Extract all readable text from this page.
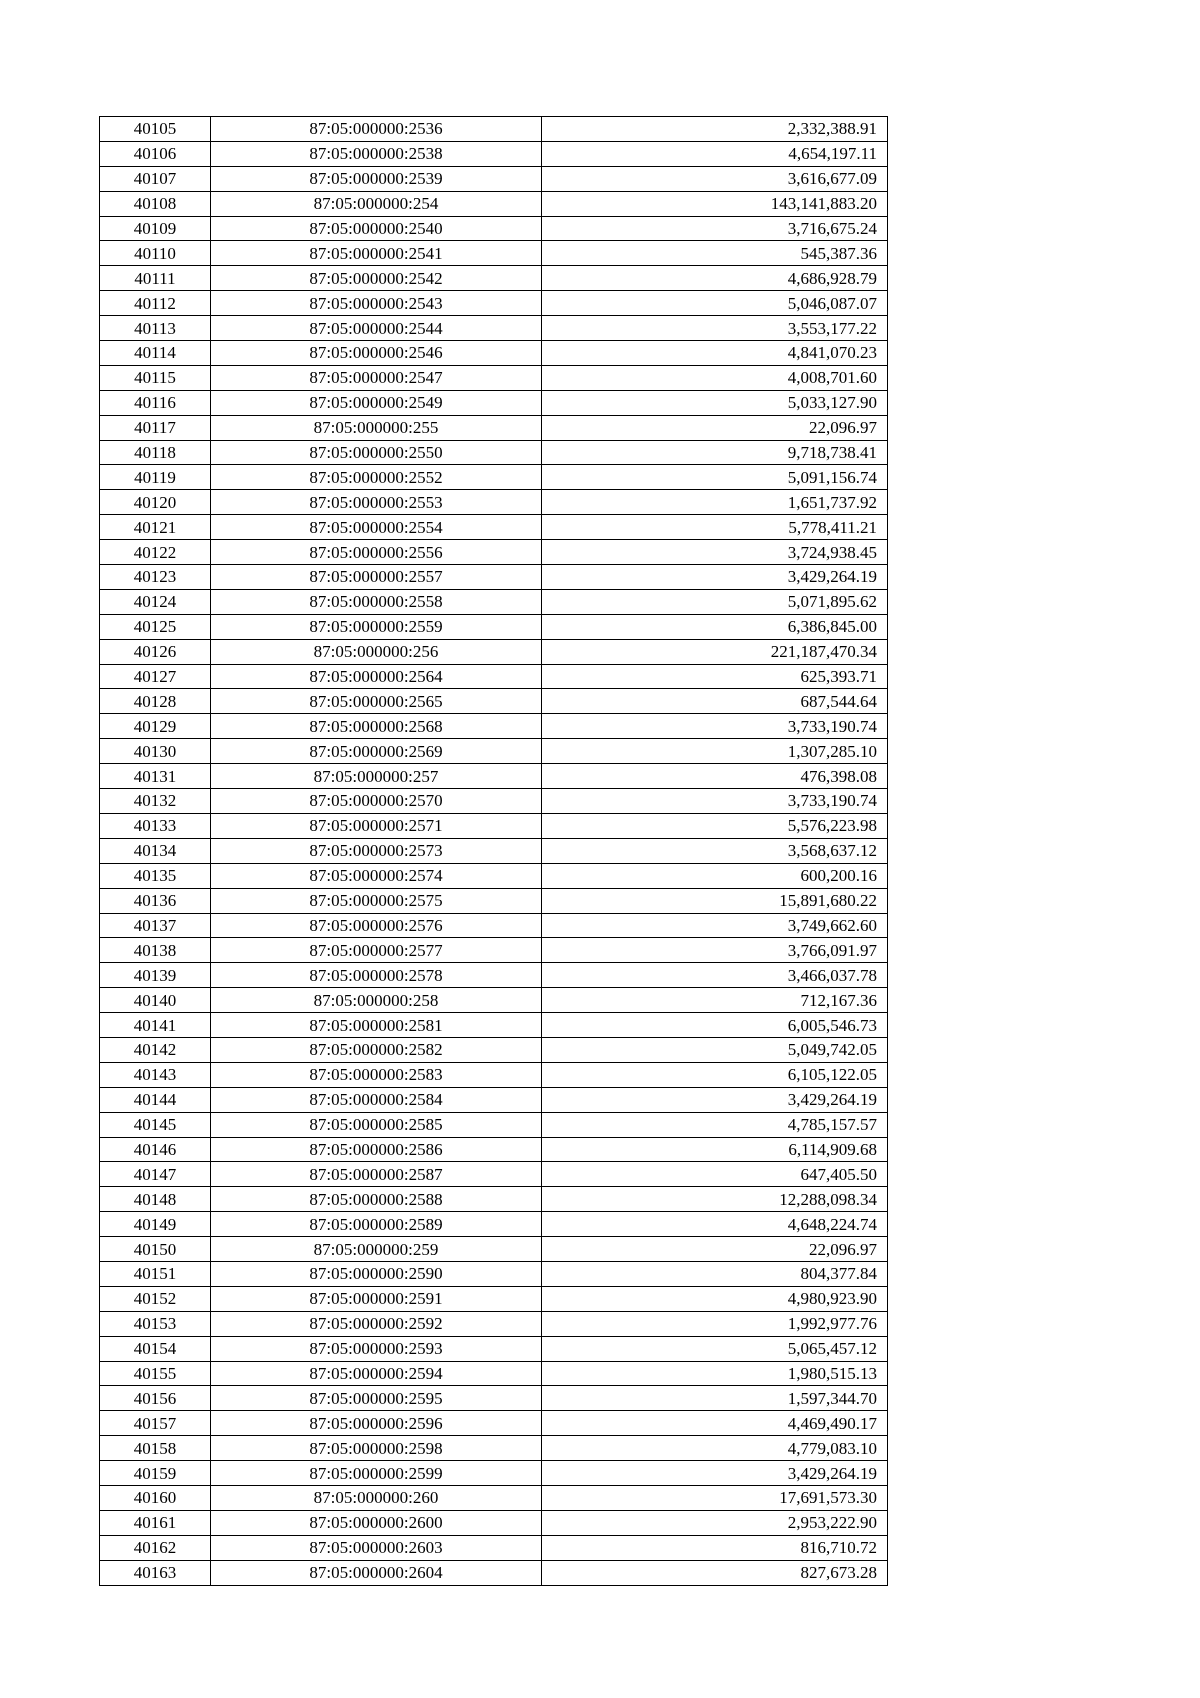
40105	87:05:000000:2536	2,332,388.91
40106	87:05:000000:2538	4,654,197.11
40107	87:05:000000:2539	3,616,677.09
40108	87:05:000000:254	143,141,883.20
40109	87:05:000000:2540	3,716,675.24
40110	87:05:000000:2541	545,387.36
40111	87:05:000000:2542	4,686,928.79
40112	87:05:000000:2543	5,046,087.07
40113	87:05:000000:2544	3,553,177.22
40114	87:05:000000:2546	4,841,070.23
40115	87:05:000000:2547	4,008,701.60
40116	87:05:000000:2549	5,033,127.90
40117	87:05:000000:255	22,096.97
40118	87:05:000000:2550	9,718,738.41
40119	87:05:000000:2552	5,091,156.74
40120	87:05:000000:2553	1,651,737.92
40121	87:05:000000:2554	5,778,411.21
40122	87:05:000000:2556	3,724,938.45
40123	87:05:000000:2557	3,429,264.19
40124	87:05:000000:2558	5,071,895.62
40125	87:05:000000:2559	6,386,845.00
40126	87:05:000000:256	221,187,470.34
40127	87:05:000000:2564	625,393.71
40128	87:05:000000:2565	687,544.64
40129	87:05:000000:2568	3,733,190.74
40130	87:05:000000:2569	1,307,285.10
40131	87:05:000000:257	476,398.08
40132	87:05:000000:2570	3,733,190.74
40133	87:05:000000:2571	5,576,223.98
40134	87:05:000000:2573	3,568,637.12
40135	87:05:000000:2574	600,200.16
40136	87:05:000000:2575	15,891,680.22
40137	87:05:000000:2576	3,749,662.60
40138	87:05:000000:2577	3,766,091.97
40139	87:05:000000:2578	3,466,037.78
40140	87:05:000000:258	712,167.36
40141	87:05:000000:2581	6,005,546.73
40142	87:05:000000:2582	5,049,742.05
40143	87:05:000000:2583	6,105,122.05
40144	87:05:000000:2584	3,429,264.19
40145	87:05:000000:2585	4,785,157.57
40146	87:05:000000:2586	6,114,909.68
40147	87:05:000000:2587	647,405.50
40148	87:05:000000:2588	12,288,098.34
40149	87:05:000000:2589	4,648,224.74
40150	87:05:000000:259	22,096.97
40151	87:05:000000:2590	804,377.84
40152	87:05:000000:2591	4,980,923.90
40153	87:05:000000:2592	1,992,977.76
40154	87:05:000000:2593	5,065,457.12
40155	87:05:000000:2594	1,980,515.13
40156	87:05:000000:2595	1,597,344.70
40157	87:05:000000:2596	4,469,490.17
40158	87:05:000000:2598	4,779,083.10
40159	87:05:000000:2599	3,429,264.19
40160	87:05:000000:260	17,691,573.30
40161	87:05:000000:2600	2,953,222.90
40162	87:05:000000:2603	816,710.72
40163	87:05:000000:2604	827,673.28
